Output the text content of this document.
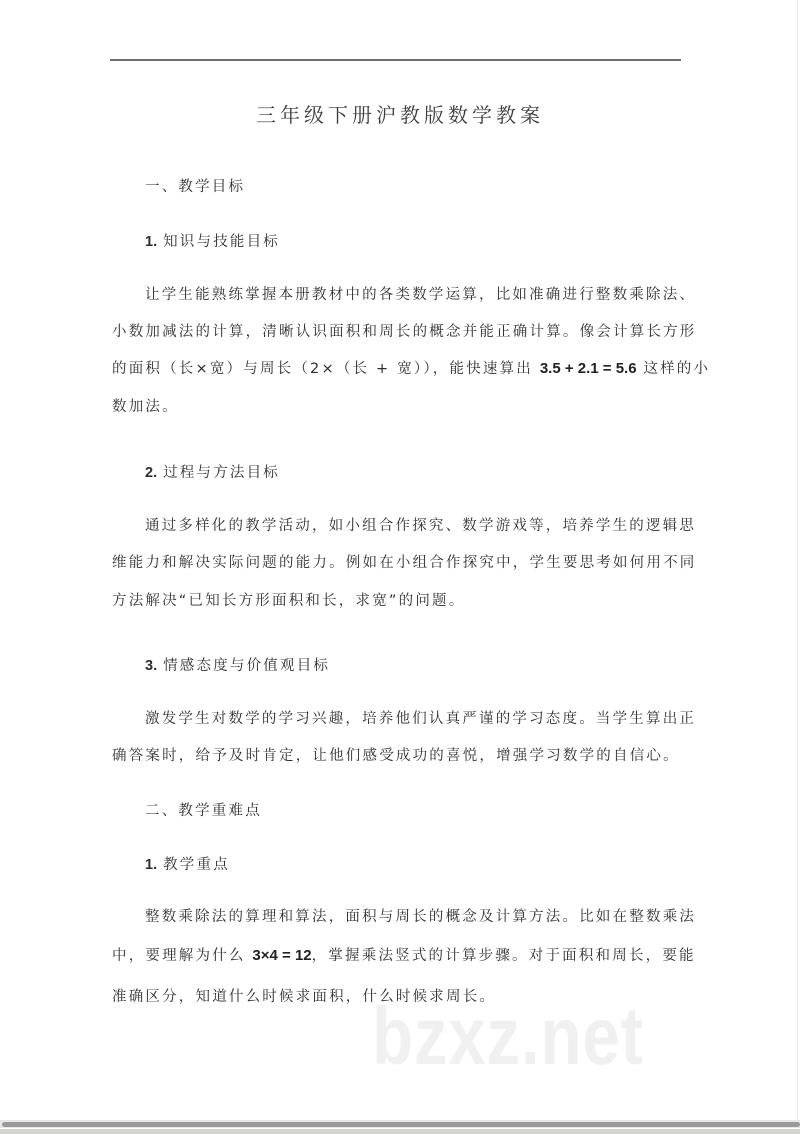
三年级下册沪教版数学教案
一、教学目标
1. 知识与技能目标
让学生能熟练掌握本册教材中的各类数学运算，比如准确进行整数乘除法、
小数加减法的计算，清晰认识面积和周长的概念并能正确计算。像会计算长方形
的面积（长×宽）与周长（2×（长 + 宽）），能快速算出 3.5 + 2.1 = 5.6 这样的小
数加法。
2. 过程与方法目标
通过多样化的教学活动，如小组合作探究、数学游戏等，培养学生的逻辑思
维能力和解决实际问题的能力。例如在小组合作探究中，学生要思考如何用不同
方法解决“已知长方形面积和长，求宽”的问题。
3. 情感态度与价值观目标
激发学生对数学的学习兴趣，培养他们认真严谨的学习态度。当学生算出正
确答案时，给予及时肯定，让他们感受成功的喜悦，增强学习数学的自信心。
二、教学重难点
1. 教学重点
整数乘除法的算理和算法，面积与周长的概念及计算方法。比如在整数乘法
中，要理解为什么 3×4 = 12，掌握乘法竖式的计算步骤。对于面积和周长，要能
准确区分，知道什么时候求面积，什么时候求周长。
bzxz.net
